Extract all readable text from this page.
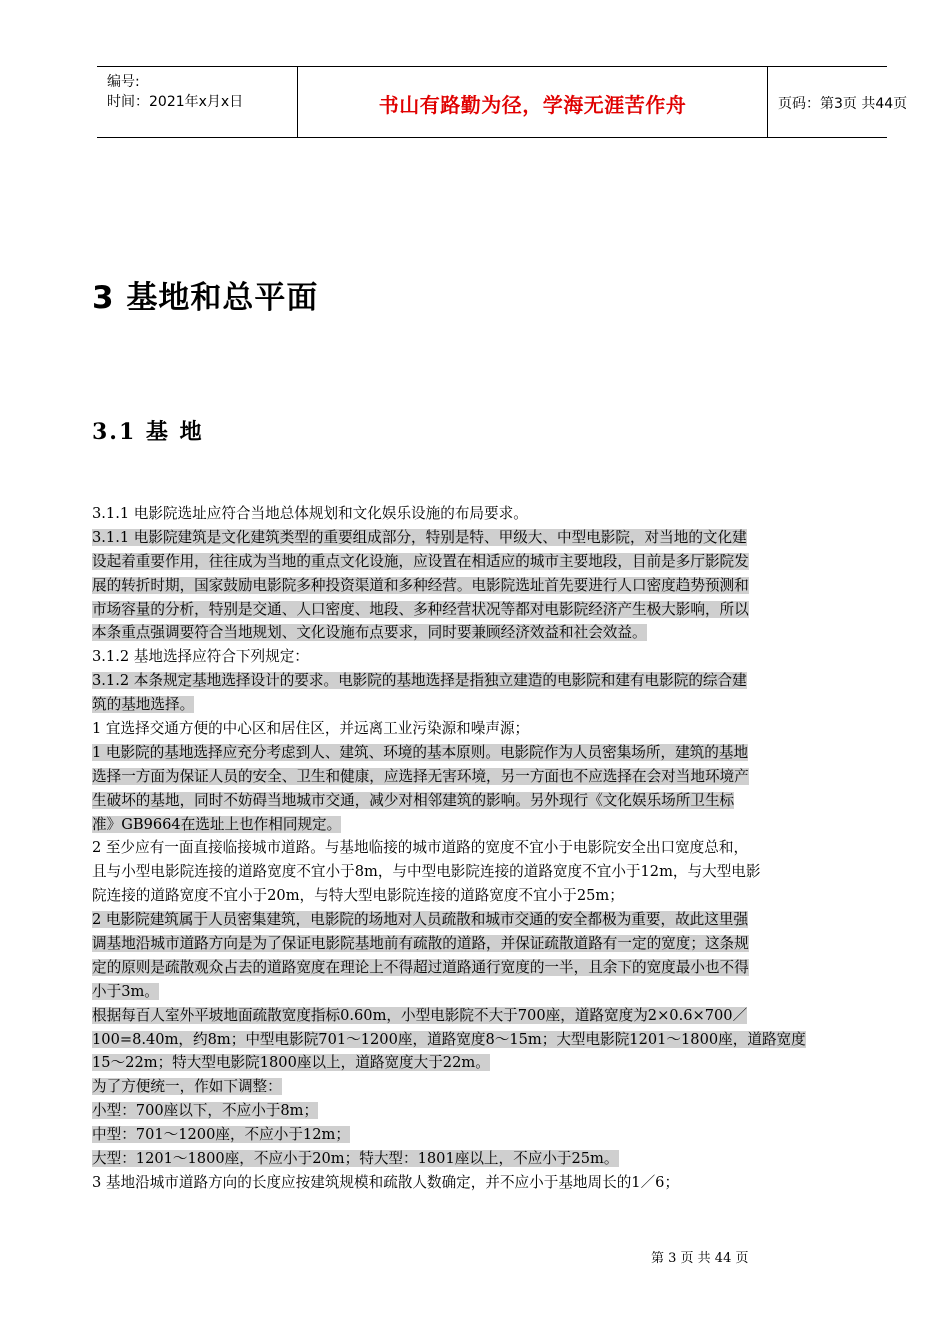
编号:
时间：2021年x月x日	书山有路勤为径，学海无涯苦作舟	页码：第3页 共44页
3 基地和总平面
3.1 基 地
3.1.1 电影院选址应符合当地总体规划和文化娱乐设施的布局要求。
3.1.1 电影院建筑是文化建筑类型的重要组成部分，特别是特、甲级大、中型电影院，对当地的文化建
设起着重要作用，往往成为当地的重点文化设施，应设置在相适应的城市主要地段，目前是多厅影院发
展的转折时期，国家鼓励电影院多种投资渠道和多种经营。电影院选址首先要进行人口密度趋势预测和
市场容量的分析，特别是交通、人口密度、地段、多种经营状况等都对电影院经济产生极大影响，所以
本条重点强调要符合当地规划、文化设施布点要求，同时要兼顾经济效益和社会效益。
3.1.2 基地选择应符合下列规定：
3.1.2 本条规定基地选择设计的要求。电影院的基地选择是指独立建造的电影院和建有电影院的综合建
筑的基地选择。
1 宜选择交通方便的中心区和居住区，并远离工业污染源和噪声源；
1 电影院的基地选择应充分考虑到人、建筑、环境的基本原则。电影院作为人员密集场所，建筑的基地
选择一方面为保证人员的安全、卫生和健康，应选择无害环境，另一方面也不应选择在会对当地环境产
生破坏的基地，同时不妨碍当地城市交通，减少对相邻建筑的影响。另外现行《文化娱乐场所卫生标
准》GB9664在选址上也作相同规定。
2 至少应有一面直接临接城市道路。与基地临接的城市道路的宽度不宜小于电影院安全出口宽度总和，
且与小型电影院连接的道路宽度不宜小于8m，与中型电影院连接的道路宽度不宜小于12m，与大型电影
院连接的道路宽度不宜小于20m，与特大型电影院连接的道路宽度不宜小于25m；
2 电影院建筑属于人员密集建筑，电影院的场地对人员疏散和城市交通的安全都极为重要，故此这里强
调基地沿城市道路方向是为了保证电影院基地前有疏散的道路，并保证疏散道路有一定的宽度；这条规
定的原则是疏散观众占去的道路宽度在理论上不得超过道路通行宽度的一半，且余下的宽度最小也不得
小于3m。
根据每百人室外平坡地面疏散宽度指标0.60m，小型电影院不大于700座，道路宽度为2×0.6×700／
100=8.40m，约8m；中型电影院701～1200座，道路宽度8～15m；大型电影院1201～1800座，道路宽度
15～22m；特大型电影院1800座以上，道路宽度大于22m。
为了方便统一，作如下调整：
小型：700座以下，不应小于8m；
中型：701～1200座，不应小于12m；
大型：1201～1800座，不应小于20m；特大型：1801座以上，不应小于25m。
3 基地沿城市道路方向的长度应按建筑规模和疏散人数确定，并不应小于基地周长的1／6；
第 3 页 共 44 页
